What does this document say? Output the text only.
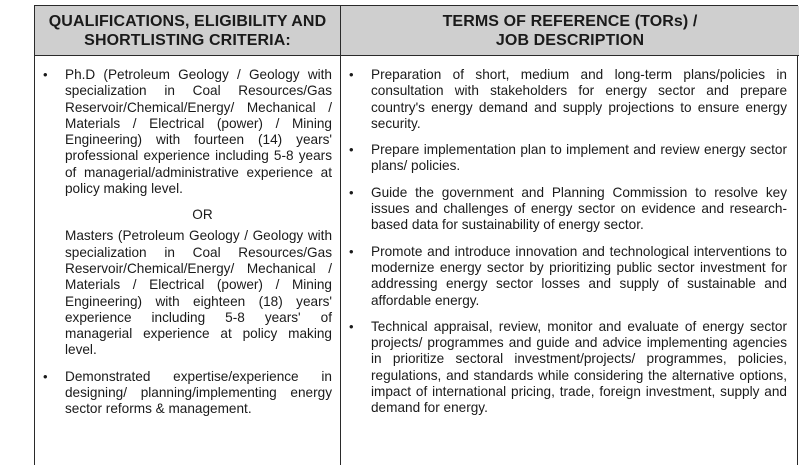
QUALIFICATIONS, ELIGIBILITY AND
SHORTLISTING CRITERIA:
• Ph.D (Petroleum Geology / Geology with specialization in Coal Resources/Gas Reservoir/Chemical/Energy/ Mechanical / Materials / Electrical (power) / Mining Engineering) with fourteen (14) years' professional experience including 5-8 years of managerial/administrative experience at policy making level.
OR
Masters (Petroleum Geology / Geology with specialization in Coal Resources/Gas Reservoir/Chemical/Energy/ Mechanical / Materials / Electrical (power) / Mining Engineering) with eighteen (18) years' experience including 5-8 years' of managerial experience at policy making level.
• Demonstrated expertise/experience in designing/ planning/implementing energy sector reforms & management.
TERMS OF REFERENCE (TORs) /
JOB DESCRIPTION
• Preparation of short, medium and long-term plans/policies in consultation with stakeholders for energy sector and prepare country's energy demand and supply projections to ensure energy security.
• Prepare implementation plan to implement and review energy sector plans/ policies.
• Guide the government and Planning Commission to resolve key issues and challenges of energy sector on evidence and research-based data for sustainability of energy sector.
• Promote and introduce innovation and technological interventions to modernize energy sector by prioritizing public sector investment for addressing energy sector losses and supply of sustainable and affordable energy.
• Technical appraisal, review, monitor and evaluate of energy sector projects/ programmes and guide and advice implementing agencies in prioritize sectoral investment/projects/ programmes, policies, regulations, and standards while considering the alternative options, impact of international pricing, trade, foreign investment, supply and demand for energy.
